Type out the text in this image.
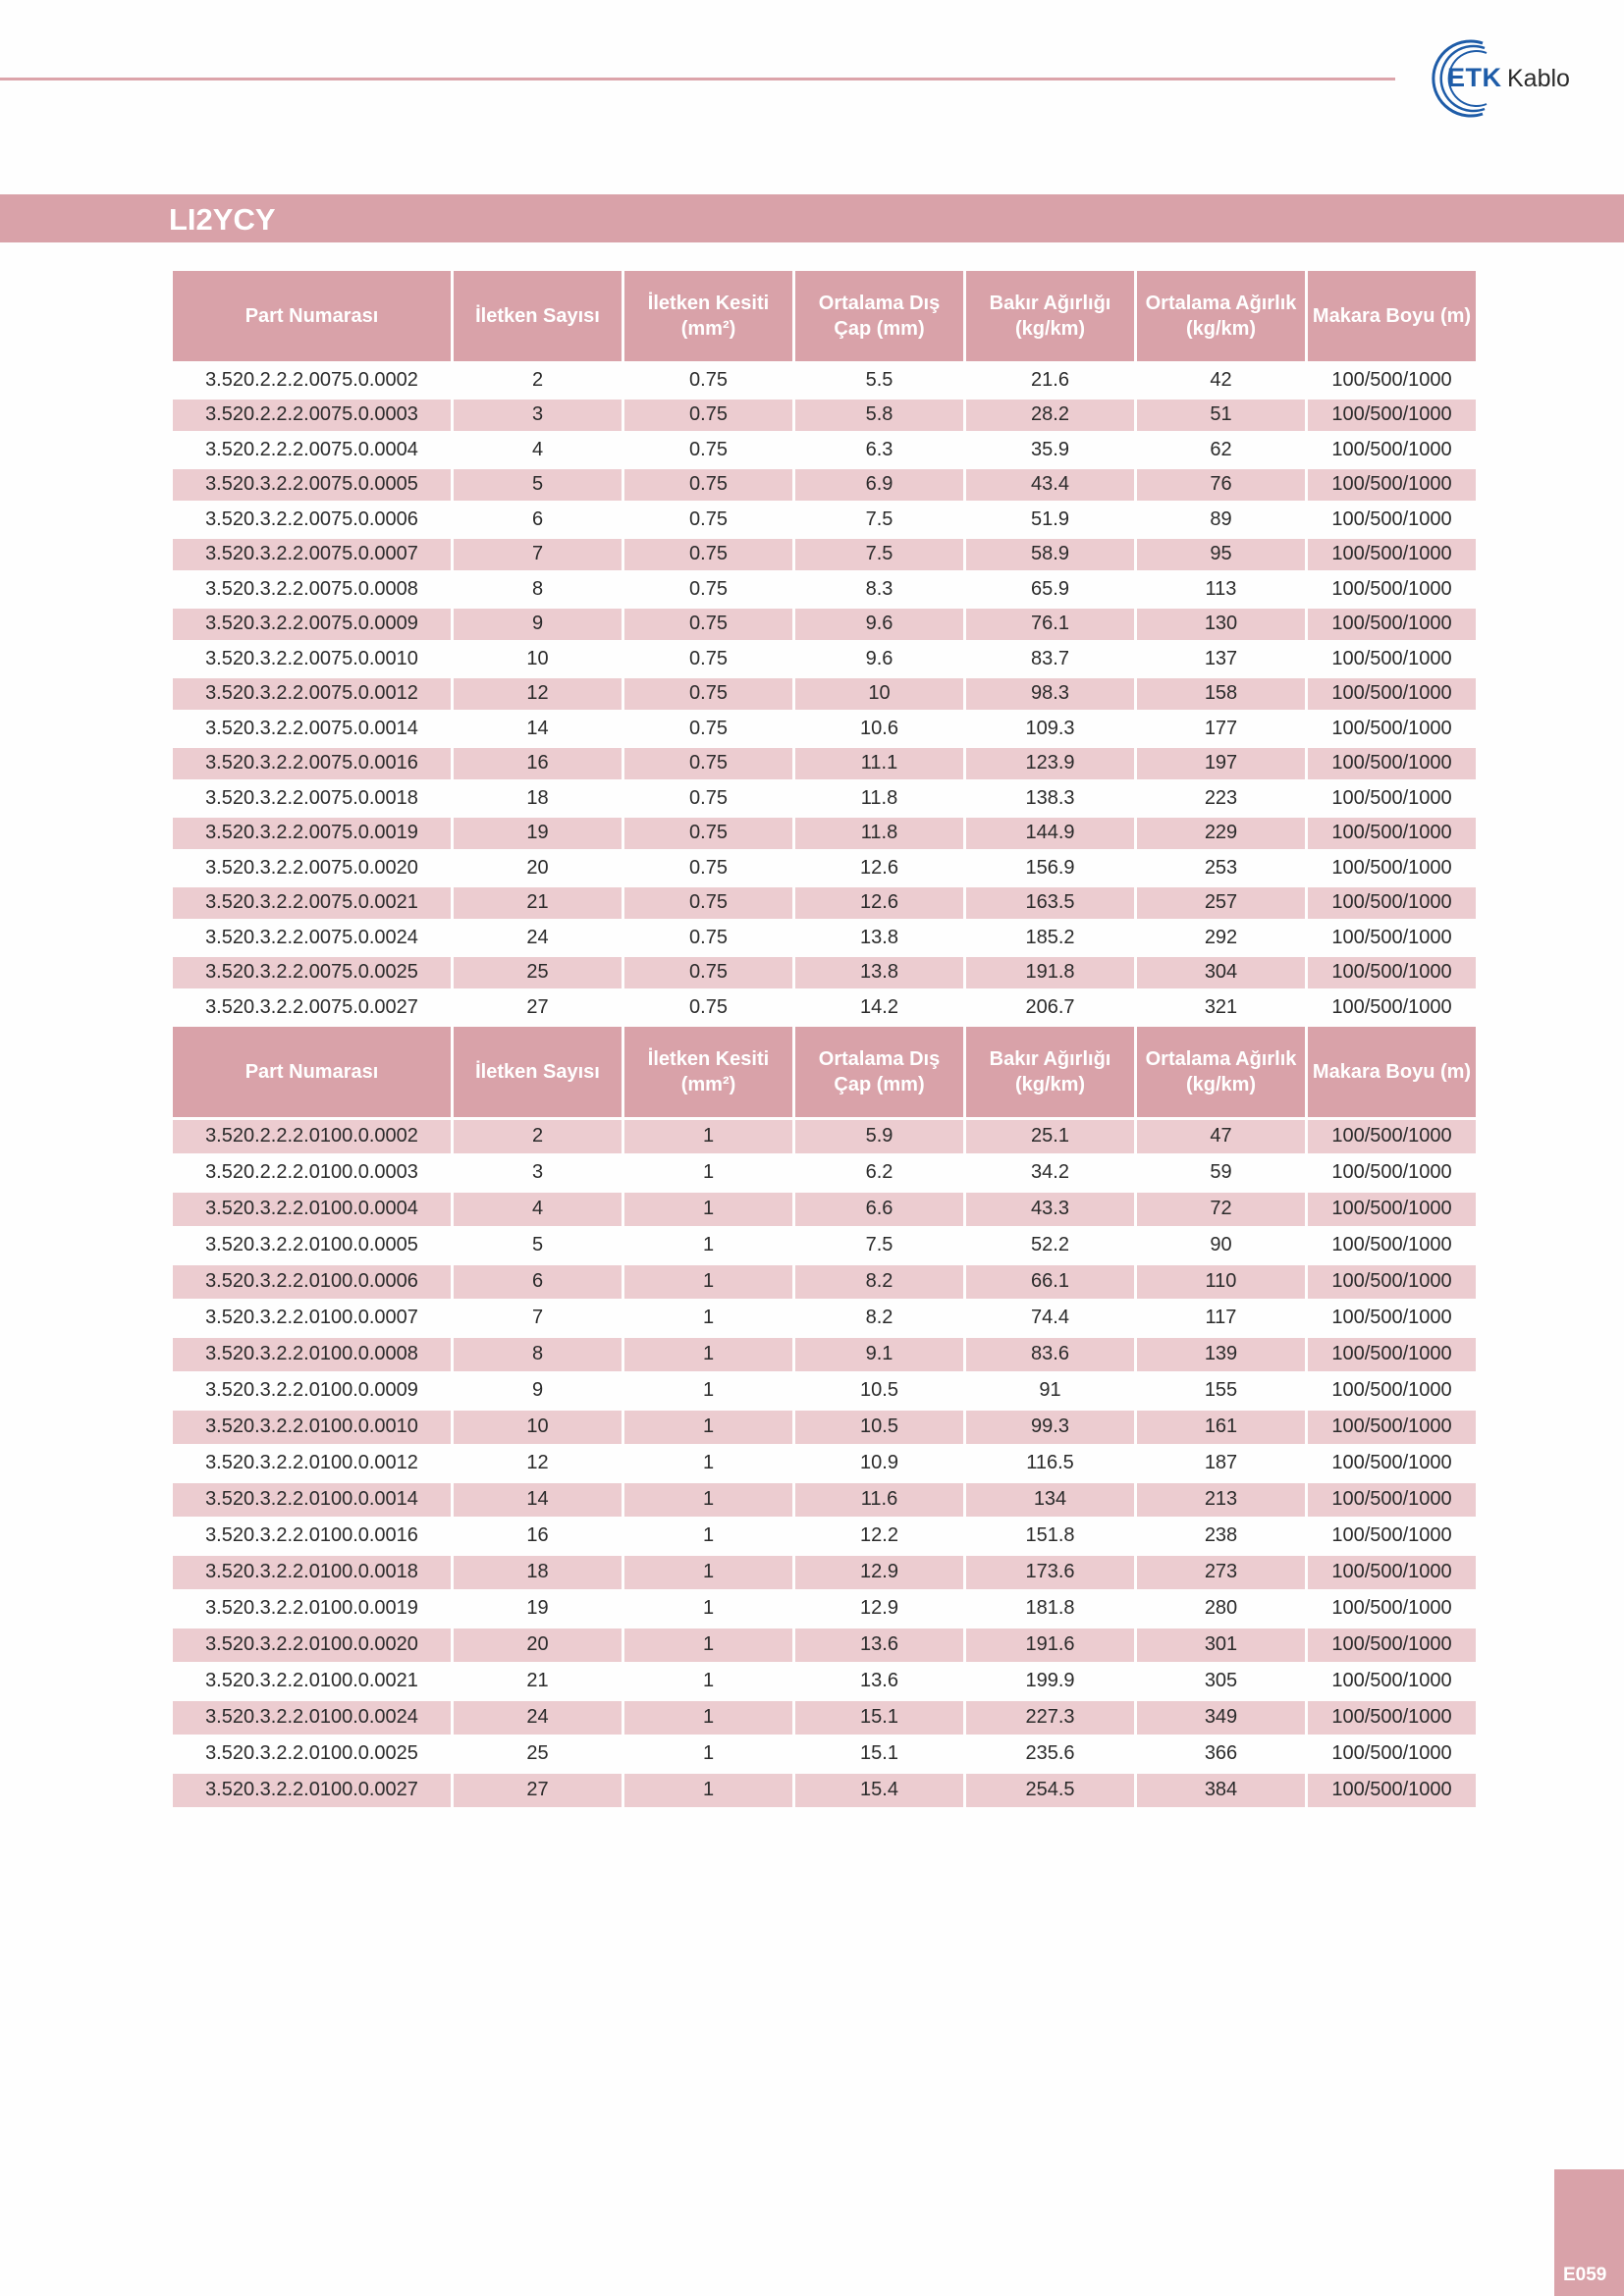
ETK Kablo
LI2YCY
Part Numarası	İletken Sayısı	İletken Kesiti (mm²)	Ortalama Dış Çap (mm)	Bakır Ağırlığı (kg/km)	Ortalama Ağırlık (kg/km)	Makara Boyu (m)
3.520.2.2.2.0075.0.0002	2	0.75	5.5	21.6	42	100/500/1000
3.520.2.2.2.0075.0.0003	3	0.75	5.8	28.2	51	100/500/1000
3.520.2.2.2.0075.0.0004	4	0.75	6.3	35.9	62	100/500/1000
3.520.3.2.2.0075.0.0005	5	0.75	6.9	43.4	76	100/500/1000
3.520.3.2.2.0075.0.0006	6	0.75	7.5	51.9	89	100/500/1000
3.520.3.2.2.0075.0.0007	7	0.75	7.5	58.9	95	100/500/1000
3.520.3.2.2.0075.0.0008	8	0.75	8.3	65.9	113	100/500/1000
3.520.3.2.2.0075.0.0009	9	0.75	9.6	76.1	130	100/500/1000
3.520.3.2.2.0075.0.0010	10	0.75	9.6	83.7	137	100/500/1000
3.520.3.2.2.0075.0.0012	12	0.75	10	98.3	158	100/500/1000
3.520.3.2.2.0075.0.0014	14	0.75	10.6	109.3	177	100/500/1000
3.520.3.2.2.0075.0.0016	16	0.75	11.1	123.9	197	100/500/1000
3.520.3.2.2.0075.0.0018	18	0.75	11.8	138.3	223	100/500/1000
3.520.3.2.2.0075.0.0019	19	0.75	11.8	144.9	229	100/500/1000
3.520.3.2.2.0075.0.0020	20	0.75	12.6	156.9	253	100/500/1000
3.520.3.2.2.0075.0.0021	21	0.75	12.6	163.5	257	100/500/1000
3.520.3.2.2.0075.0.0024	24	0.75	13.8	185.2	292	100/500/1000
3.520.3.2.2.0075.0.0025	25	0.75	13.8	191.8	304	100/500/1000
3.520.3.2.2.0075.0.0027	27	0.75	14.2	206.7	321	100/500/1000
Part Numarası	İletken Sayısı	İletken Kesiti (mm²)	Ortalama Dış Çap (mm)	Bakır Ağırlığı (kg/km)	Ortalama Ağırlık (kg/km)	Makara Boyu (m)
3.520.2.2.2.0100.0.0002	2	1	5.9	25.1	47	100/500/1000
3.520.2.2.2.0100.0.0003	3	1	6.2	34.2	59	100/500/1000
3.520.3.2.2.0100.0.0004	4	1	6.6	43.3	72	100/500/1000
3.520.3.2.2.0100.0.0005	5	1	7.5	52.2	90	100/500/1000
3.520.3.2.2.0100.0.0006	6	1	8.2	66.1	110	100/500/1000
3.520.3.2.2.0100.0.0007	7	1	8.2	74.4	117	100/500/1000
3.520.3.2.2.0100.0.0008	8	1	9.1	83.6	139	100/500/1000
3.520.3.2.2.0100.0.0009	9	1	10.5	91	155	100/500/1000
3.520.3.2.2.0100.0.0010	10	1	10.5	99.3	161	100/500/1000
3.520.3.2.2.0100.0.0012	12	1	10.9	116.5	187	100/500/1000
3.520.3.2.2.0100.0.0014	14	1	11.6	134	213	100/500/1000
3.520.3.2.2.0100.0.0016	16	1	12.2	151.8	238	100/500/1000
3.520.3.2.2.0100.0.0018	18	1	12.9	173.6	273	100/500/1000
3.520.3.2.2.0100.0.0019	19	1	12.9	181.8	280	100/500/1000
3.520.3.2.2.0100.0.0020	20	1	13.6	191.6	301	100/500/1000
3.520.3.2.2.0100.0.0021	21	1	13.6	199.9	305	100/500/1000
3.520.3.2.2.0100.0.0024	24	1	15.1	227.3	349	100/500/1000
3.520.3.2.2.0100.0.0025	25	1	15.1	235.6	366	100/500/1000
3.520.3.2.2.0100.0.0027	27	1	15.4	254.5	384	100/500/1000
E059
